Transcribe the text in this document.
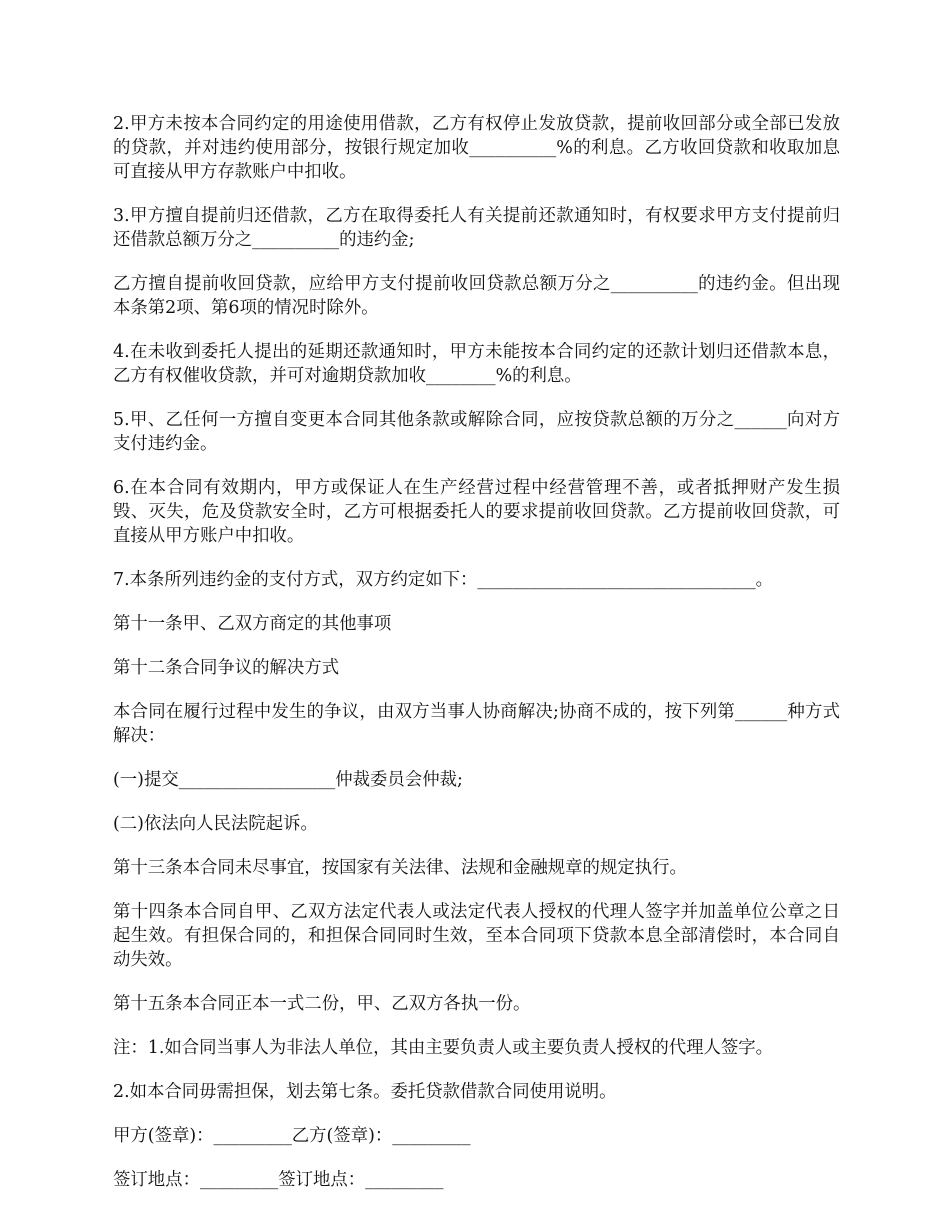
2.甲方未按本合同约定的用途使用借款，乙方有权停止发放贷款，提前收回部分或全部已发放的贷款，并对违约使用部分，按银行规定加收__________%的利息。乙方收回贷款和收取加息可直接从甲方存款账户中扣收。

3.甲方擅自提前归还借款，乙方在取得委托人有关提前还款通知时，有权要求甲方支付提前归还借款总额万分之__________的违约金;

乙方擅自提前收回贷款，应给甲方支付提前收回贷款总额万分之__________的违约金。但出现本条第2项、第6项的情况时除外。

4.在未收到委托人提出的延期还款通知时，甲方未能按本合同约定的还款计划归还借款本息，乙方有权催收贷款，并可对逾期贷款加收________%的利息。

5.甲、乙任何一方擅自变更本合同其他条款或解除合同，应按贷款总额的万分之______向对方支付违约金。

6.在本合同有效期内，甲方或保证人在生产经营过程中经营管理不善，或者抵押财产发生损毁、灭失，危及贷款安全时，乙方可根据委托人的要求提前收回贷款。乙方提前收回贷款，可直接从甲方账户中扣收。

7.本条所列违约金的支付方式，双方约定如下：________________________________。

第十一条甲、乙双方商定的其他事项

第十二条合同争议的解决方式

本合同在履行过程中发生的争议，由双方当事人协商解决;协商不成的，按下列第______种方式解决：

(一)提交__________________仲裁委员会仲裁;

(二)依法向人民法院起诉。

第十三条本合同未尽事宜，按国家有关法律、法规和金融规章的规定执行。

第十四条本合同自甲、乙双方法定代表人或法定代表人授权的代理人签字并加盖单位公章之日起生效。有担保合同的，和担保合同同时生效，至本合同项下贷款本息全部清偿时，本合同自动失效。

第十五条本合同正本一式二份，甲、乙双方各执一份。

注：1.如合同当事人为非法人单位，其由主要负责人或主要负责人授权的代理人签字。

2.如本合同毋需担保，划去第七条。委托贷款借款合同使用说明。

甲方(签章)：_________乙方(签章)：_________

签订地点：_________签订地点：_________
